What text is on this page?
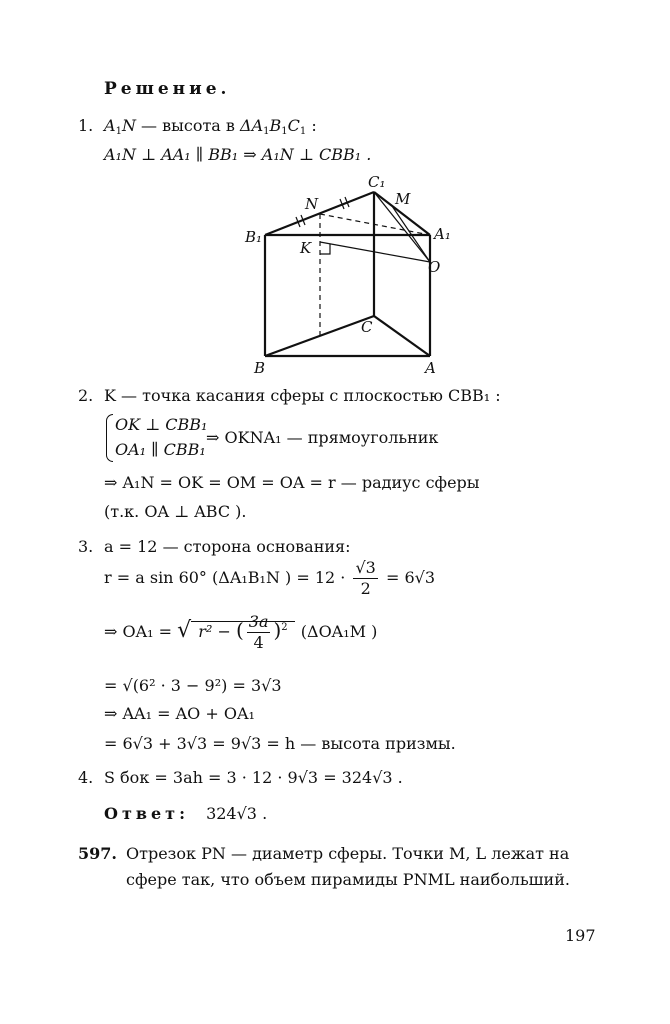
Решение.
1. $A_1N$ — высота в $\Delta A_1B_1C_1$ :
A₁N ⊥ AA₁ ∥ BB₁ ⇒ A₁N ⊥ CBB₁ .
C₁
N	M
B₁	A₁
K
O
C
B	A
2. K — точка касания сферы с плоскостью CBB₁ :
OK ⊥ CBB₁
OA₁ ∥ CBB₁
⇒ OKNA₁ — прямоугольник
⇒ A₁N = OK = OM = OA = r — радиус сферы
(т.к. OA ⊥ ABC ).
3. a = 12 — сторона основания:
r = a sin 60° (ΔA₁B₁N ) = $12 \cdot \frac{√3}{2} = 6√3$
⇒ OA₁ = √ r² − ( $\frac{3a}{4} )^2$ (ΔOA₁M )
= √(6² · 3 − 9²) = 3√3
⇒ AA₁ = AO + OA₁
= 6√3 + 3√3 = 9√3 = h — высота призмы.
4. S бок = 3ah = 3 · 12 · 9√3 = 324√3 .
Ответ: 324√3 .
597. Отрезок PN — диаметр сферы. Точки M, L лежат на
сфере так, что объем пирамиды PNML наибольший.
197
